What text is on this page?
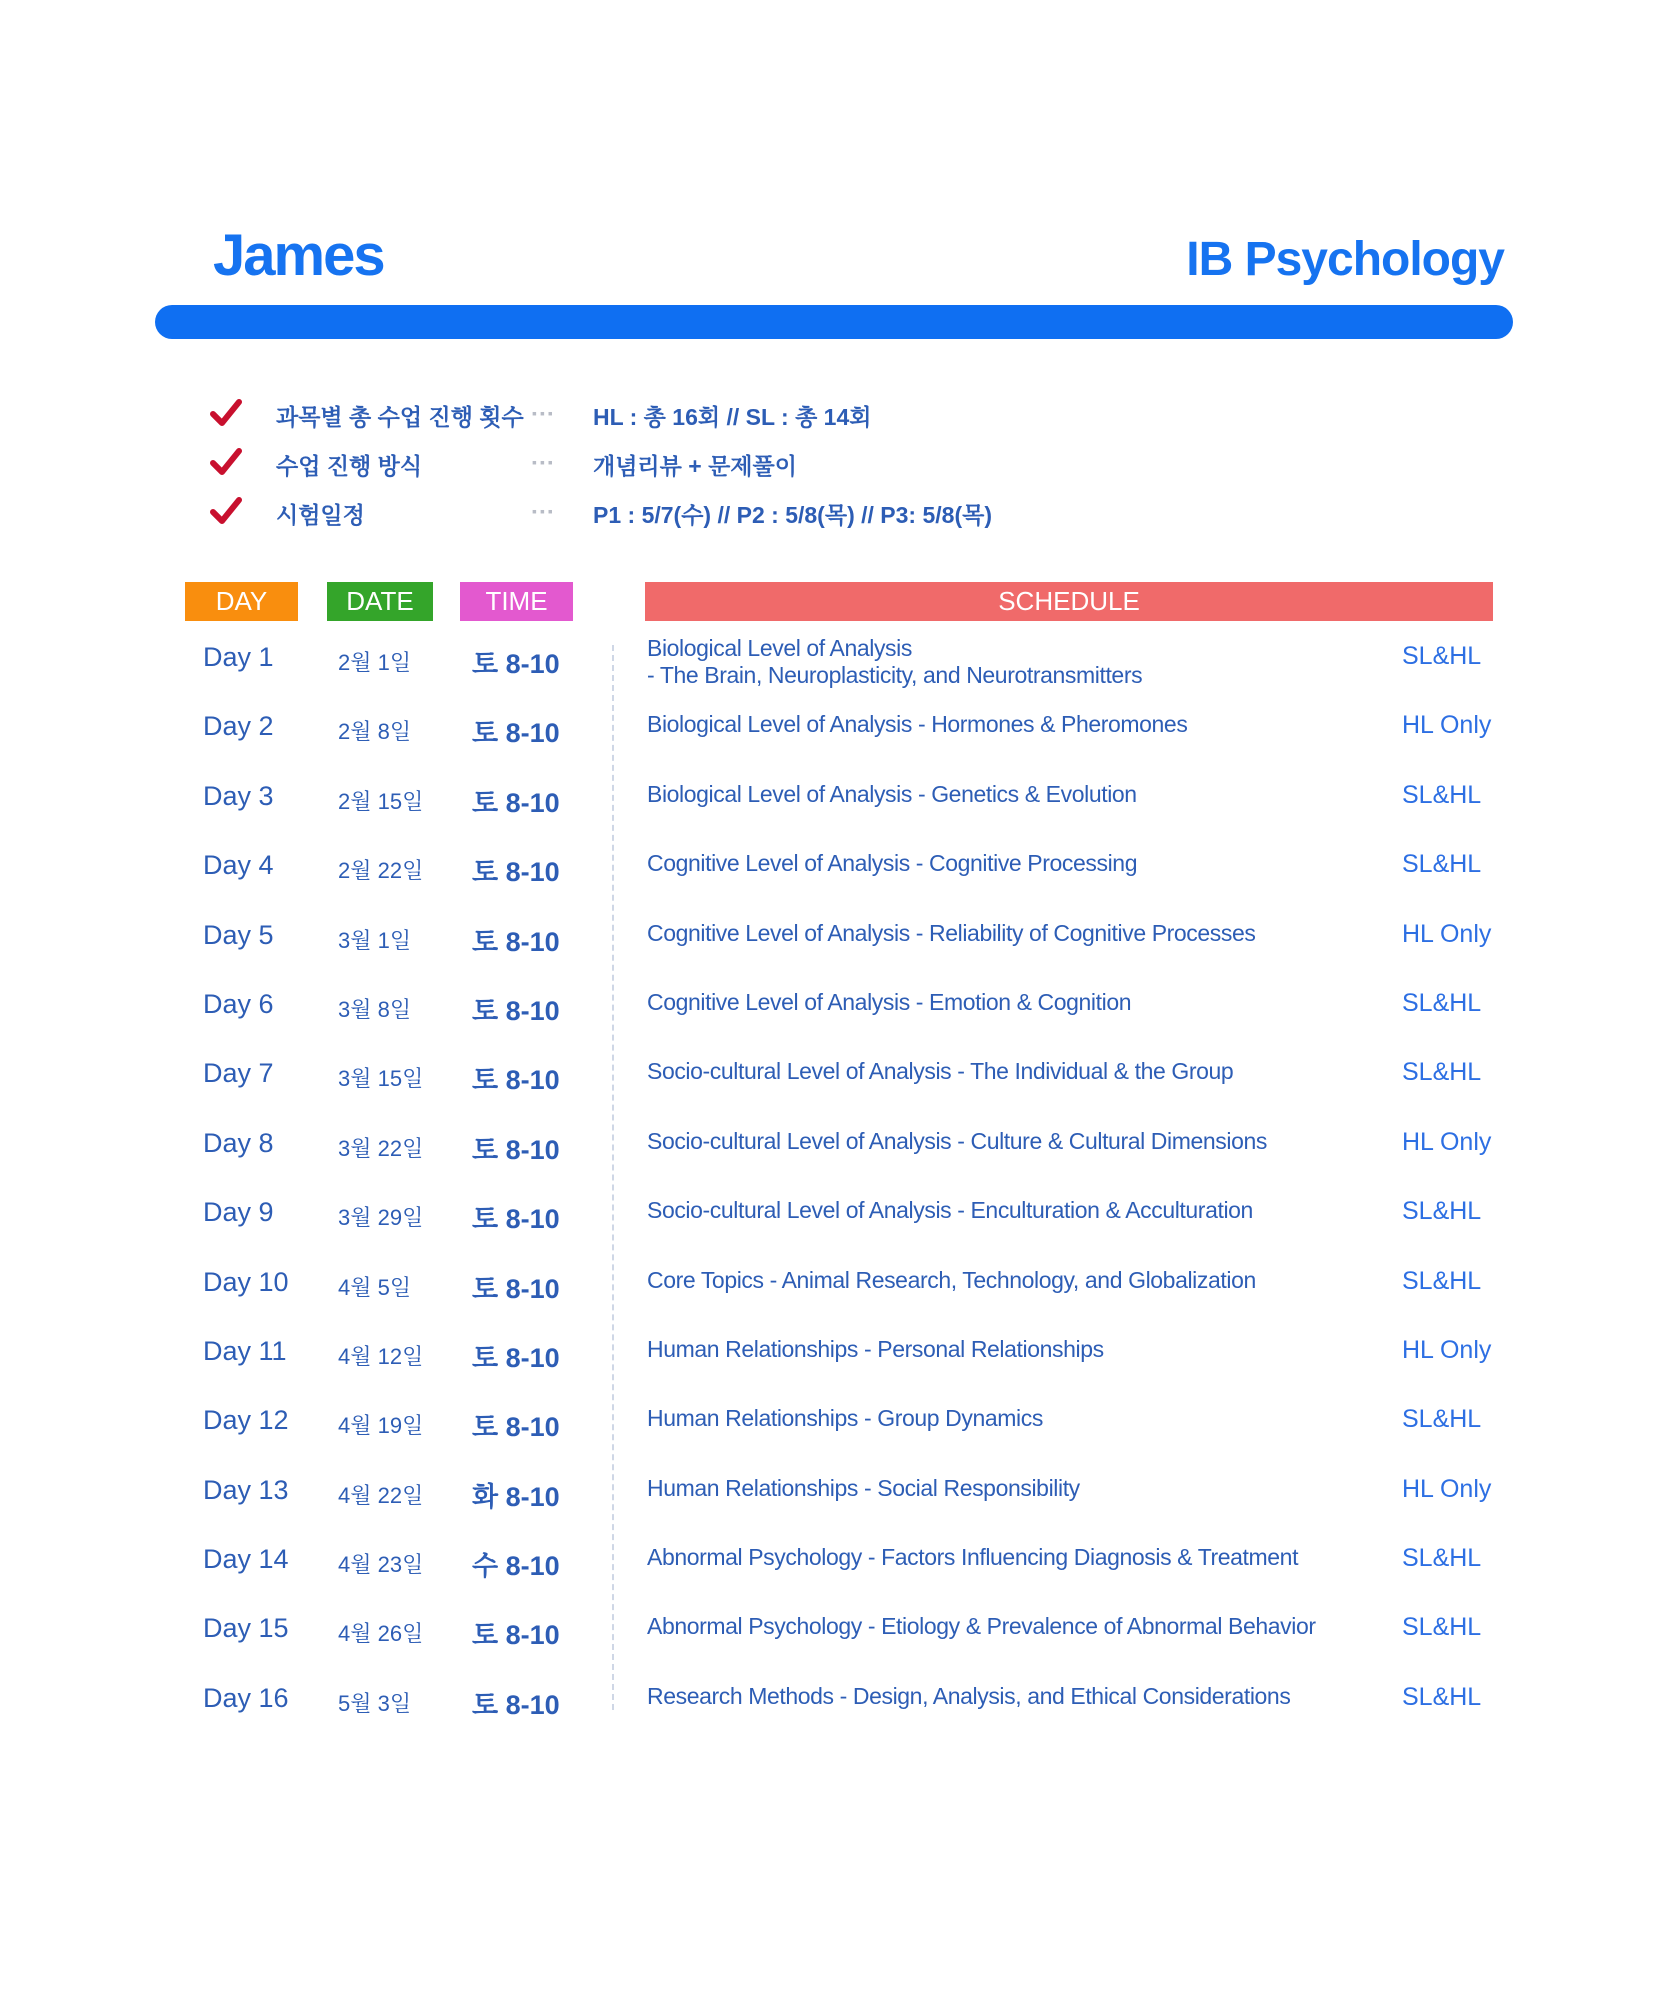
James	IB Psychology
과목별 총 수업 진행 횟수 ▪▪▪ HL : 총 16회 // SL : 총 14회
수업 진행 방식	▪▪▪ 개념리뷰 + 문제풀이
시험일정	▪▪▪ P1 : 5/7(수) // P2 : 5/8(목) // P3: 5/8(목)
DAY	DATE	TIME	SCHEDULE
Day 1	2월 1일 토 8-10
Biological Level of Analysis
- The Brain, Neuroplasticity, and Neurotransmitters
SL&HL
Day 2	2월 8일 토 8-10	Biological Level of Analysis - Hormones & Pheromones	HL Only
Day 3	2월 15일 토 8-10	Biological Level of Analysis - Genetics & Evolution	SL&HL
Day 4	2월 22일 토 8-10	Cognitive Level of Analysis - Cognitive Processing	SL&HL
Day 5	3월 1일 토 8-10	Cognitive Level of Analysis - Reliability of Cognitive Processes	HL Only
Day 6	3월 8일 토 8-10	Cognitive Level of Analysis - Emotion & Cognition	SL&HL
Day 7	3월 15일 토 8-10	Socio-cultural Level of Analysis - The Individual & the Group	SL&HL
Day 8	3월 22일 토 8-10	Socio-cultural Level of Analysis - Culture & Cultural Dimensions	HL Only
Day 9	3월 29일 토 8-10	Socio-cultural Level of Analysis - Enculturation & Acculturation	SL&HL
Day 10 4월 5일 토 8-10	Core Topics - Animal Research, Technology, and Globalization	SL&HL
Day 11 4월 12일 토 8-10	Human Relationships - Personal Relationships	HL Only
Day 12 4월 19일 토 8-10	Human Relationships - Group Dynamics	SL&HL
Day 13 4월 22일 화 8-10	Human Relationships - Social Responsibility	HL Only
Day 14 4월 23일 수 8-10	Abnormal Psychology - Factors Influencing Diagnosis & Treatment	SL&HL
Day 15 4월 26일 토 8-10	Abnormal Psychology - Etiology & Prevalence of Abnormal Behavior	SL&HL
Day 16 5월 3일 토 8-10	Research Methods - Design, Analysis, and Ethical Considerations	SL&HL
